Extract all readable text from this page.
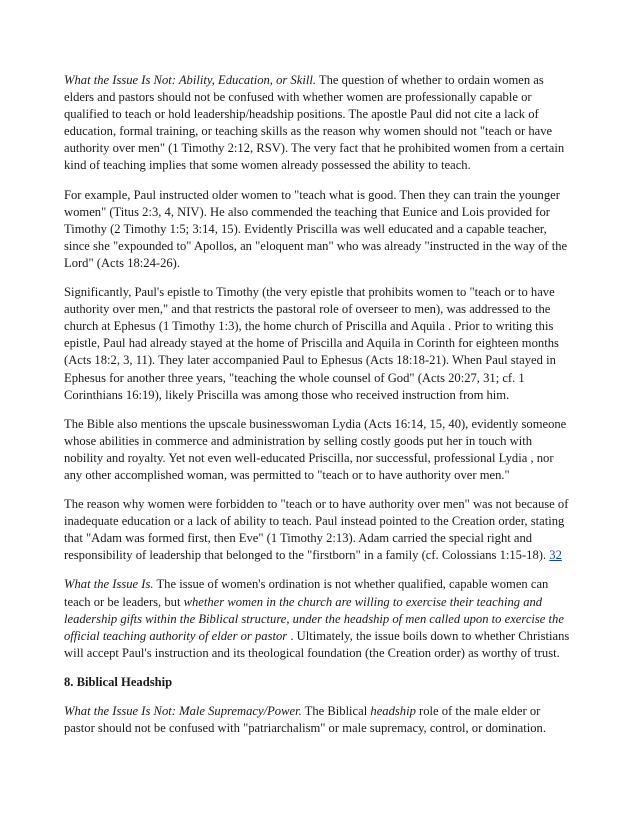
What the Issue Is Not: Ability, Education, or Skill. The question of whether to ordain women as elders and pastors should not be confused with whether women are professionally capable or qualified to teach or hold leadership/headship positions. The apostle Paul did not cite a lack of education, formal training, or teaching skills as the reason why women should not "teach or have authority over men" (1 Timothy 2:12, RSV). The very fact that he prohibited women from a certain kind of teaching implies that some women already possessed the ability to teach.

For example, Paul instructed older women to "teach what is good. Then they can train the younger women" (Titus 2:3, 4, NIV). He also commended the teaching that Eunice and Lois provided for Timothy (2 Timothy 1:5; 3:14, 15). Evidently Priscilla was well educated and a capable teacher, since she "expounded to" Apollos, an "eloquent man" who was already "instructed in the way of the Lord" (Acts 18:24-26).

Significantly, Paul's epistle to Timothy (the very epistle that prohibits women to "teach or to have authority over men," and that restricts the pastoral role of overseer to men), was addressed to the church at Ephesus (1 Timothy 1:3), the home church of Priscilla and Aquila . Prior to writing this epistle, Paul had already stayed at the home of Priscilla and Aquila in Corinth for eighteen months (Acts 18:2, 3, 11). They later accompanied Paul to Ephesus (Acts 18:18-21). When Paul stayed in Ephesus for another three years, "teaching the whole counsel of God" (Acts 20:27, 31; cf. 1 Corinthians 16:19), likely Priscilla was among those who received instruction from him.

The Bible also mentions the upscale businesswoman Lydia (Acts 16:14, 15, 40), evidently someone whose abilities in commerce and administration by selling costly goods put her in touch with nobility and royalty. Yet not even well-educated Priscilla, nor successful, professional Lydia , nor any other accomplished woman, was permitted to "teach or to have authority over men."

The reason why women were forbidden to "teach or to have authority over men" was not because of inadequate education or a lack of ability to teach. Paul instead pointed to the Creation order, stating that "Adam was formed first, then Eve" (1 Timothy 2:13). Adam carried the special right and responsibility of leadership that belonged to the "firstborn" in a family (cf. Colossians 1:15-18). 32

What the Issue Is. The issue of women's ordination is not whether qualified, capable women can teach or be leaders, but whether women in the church are willing to exercise their teaching and leadership gifts within the Biblical structure, under the headship of men called upon to exercise the official teaching authority of elder or pastor . Ultimately, the issue boils down to whether Christians will accept Paul's instruction and its theological foundation (the Creation order) as worthy of trust.

8. Biblical Headship

What the Issue Is Not: Male Supremacy/Power. The Biblical headship role of the male elder or pastor should not be confused with "patriarchalism" or male supremacy, control, or domination.
